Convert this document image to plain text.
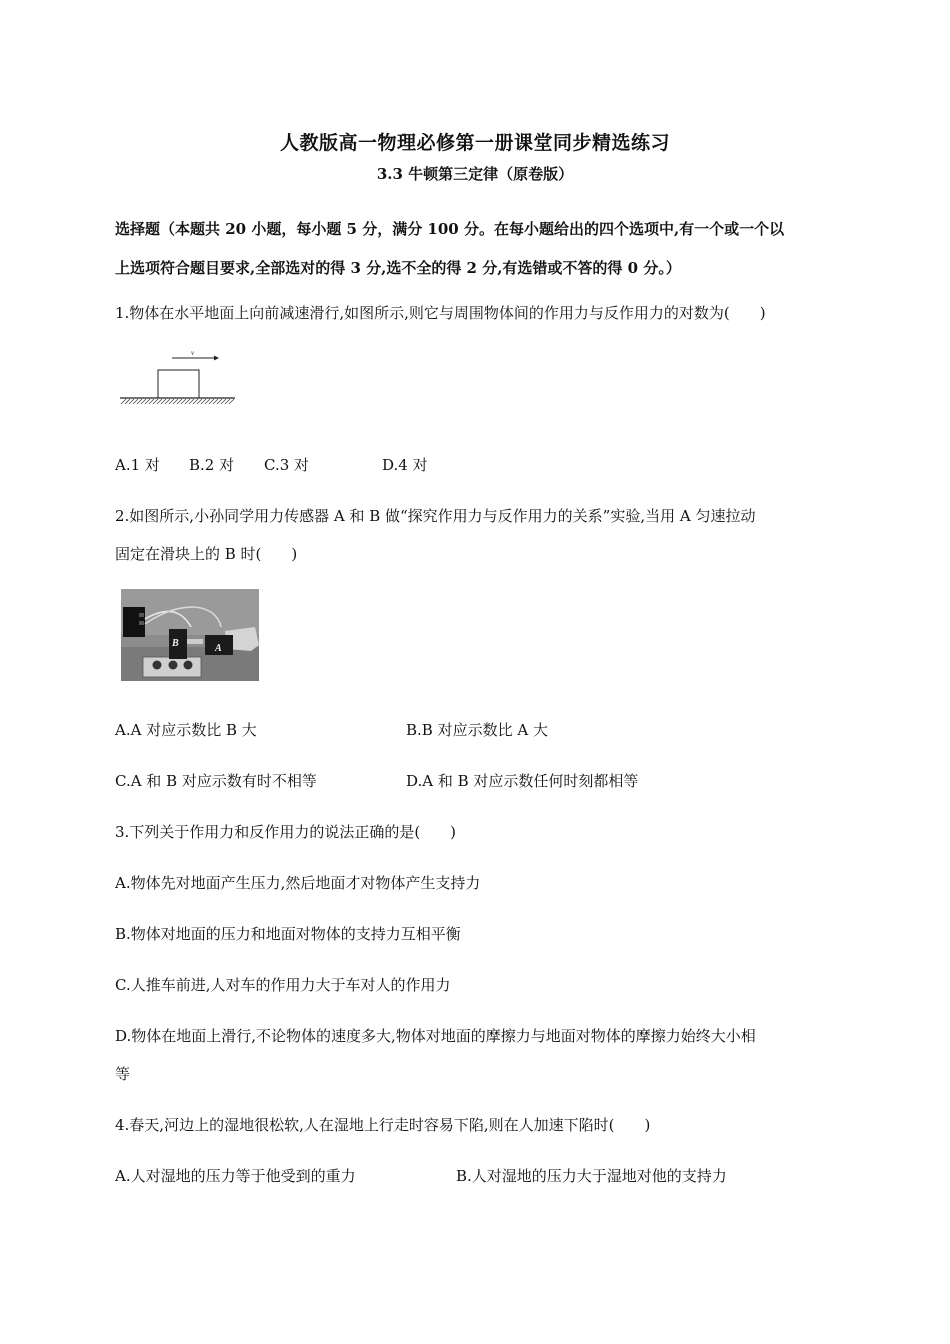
人教版高一物理必修第一册课堂同步精选练习
3.3 牛顿第三定律（原卷版）
选择题（本题共 20 小题，每小题 5 分，满分 100 分。在每小题给出的四个选项中,有一个或一个以
上选项符合题目要求,全部选对的得 3 分,选不全的得 2 分,有选错或不答的得 0 分。）
1.物体在水平地面上向前减速滑行,如图所示,则它与周围物体间的作用力与反作用力的对数为(　　)
v
A.1 对 B.2 对 C.3 对	D.4 对
2.如图所示,小孙同学用力传感器 A 和 B 做“探究作用力与反作用力的关系”实验,当用 A 匀速拉动
固定在滑块上的 B 时(　　)
B	A
A.A 对应示数比 B 大	B.B 对应示数比 A 大
C.A 和 B 对应示数有时不相等	D.A 和 B 对应示数任何时刻都相等
3.下列关于作用力和反作用力的说法正确的是(　　)
A.物体先对地面产生压力,然后地面才对物体产生支持力
B.物体对地面的压力和地面对物体的支持力互相平衡
C.人推车前进,人对车的作用力大于车对人的作用力
D.物体在地面上滑行,不论物体的速度多大,物体对地面的摩擦力与地面对物体的摩擦力始终大小相
等
4.春天,河边上的湿地很松软,人在湿地上行走时容易下陷,则在人加速下陷时(　　)
A.人对湿地的压力等于他受到的重力	B.人对湿地的压力大于湿地对他的支持力
